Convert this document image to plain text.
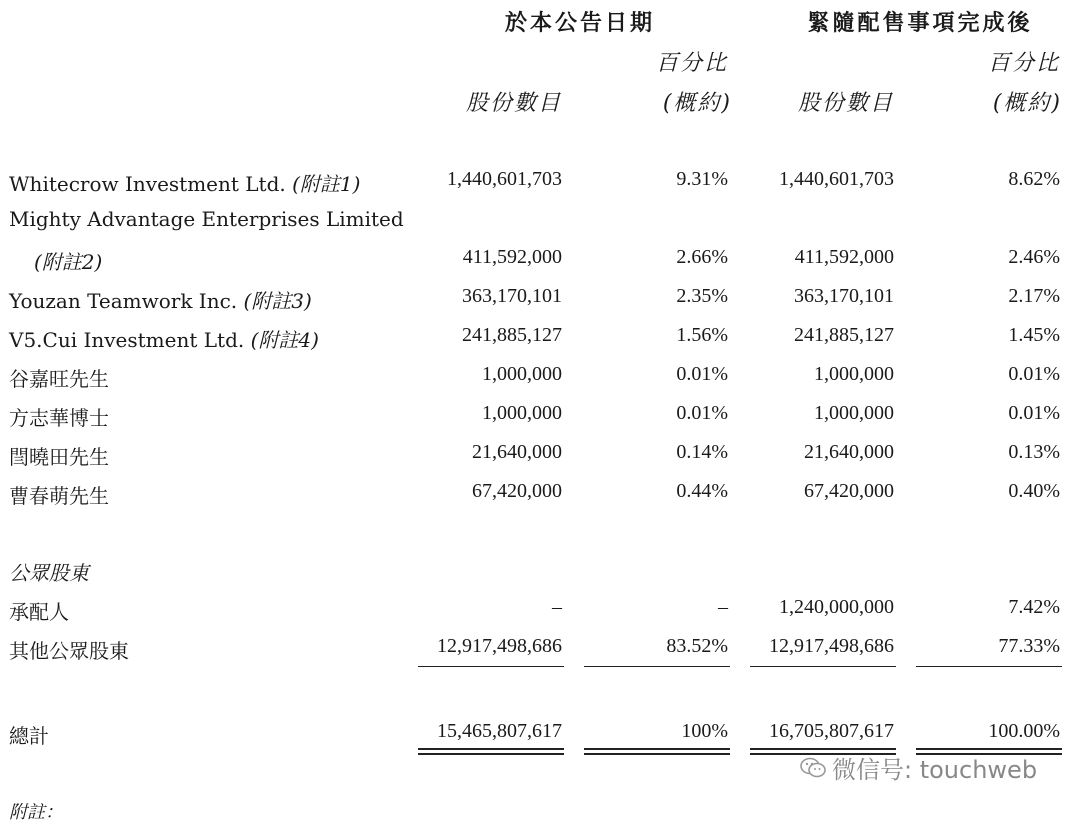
於本公告日期	緊隨配售事項完成後
百分比	百分比
股份數目	(概約)	股份數目	(概約)
Whitecrow Investment Ltd. (附註1)	1,440,601,703	9.31%	1,440,601,703	8.62%
Mighty Advantage Enterprises Limited
(附註2)	411,592,000	2.66%	411,592,000	2.46%
Youzan Teamwork Inc. (附註3)	363,170,101	2.35%	363,170,101	2.17%
V5.Cui Investment Ltd. (附註4)	241,885,127	1.56%	241,885,127	1.45%
谷嘉旺先生	1,000,000	0.01%	1,000,000	0.01%
方志華博士	1,000,000	0.01%	1,000,000	0.01%
閆曉田先生	21,640,000	0.14%	21,640,000	0.13%
曹春萌先生	67,420,000	0.44%	67,420,000	0.40%
公眾股東
承配人	–	–	1,240,000,000	7.42%
其他公眾股東	12,917,498,686	83.52%	12,917,498,686	77.33%
總計	15,465,807,617	100%	16,705,807,617	100.00%
附註：
微信号: touchweb
